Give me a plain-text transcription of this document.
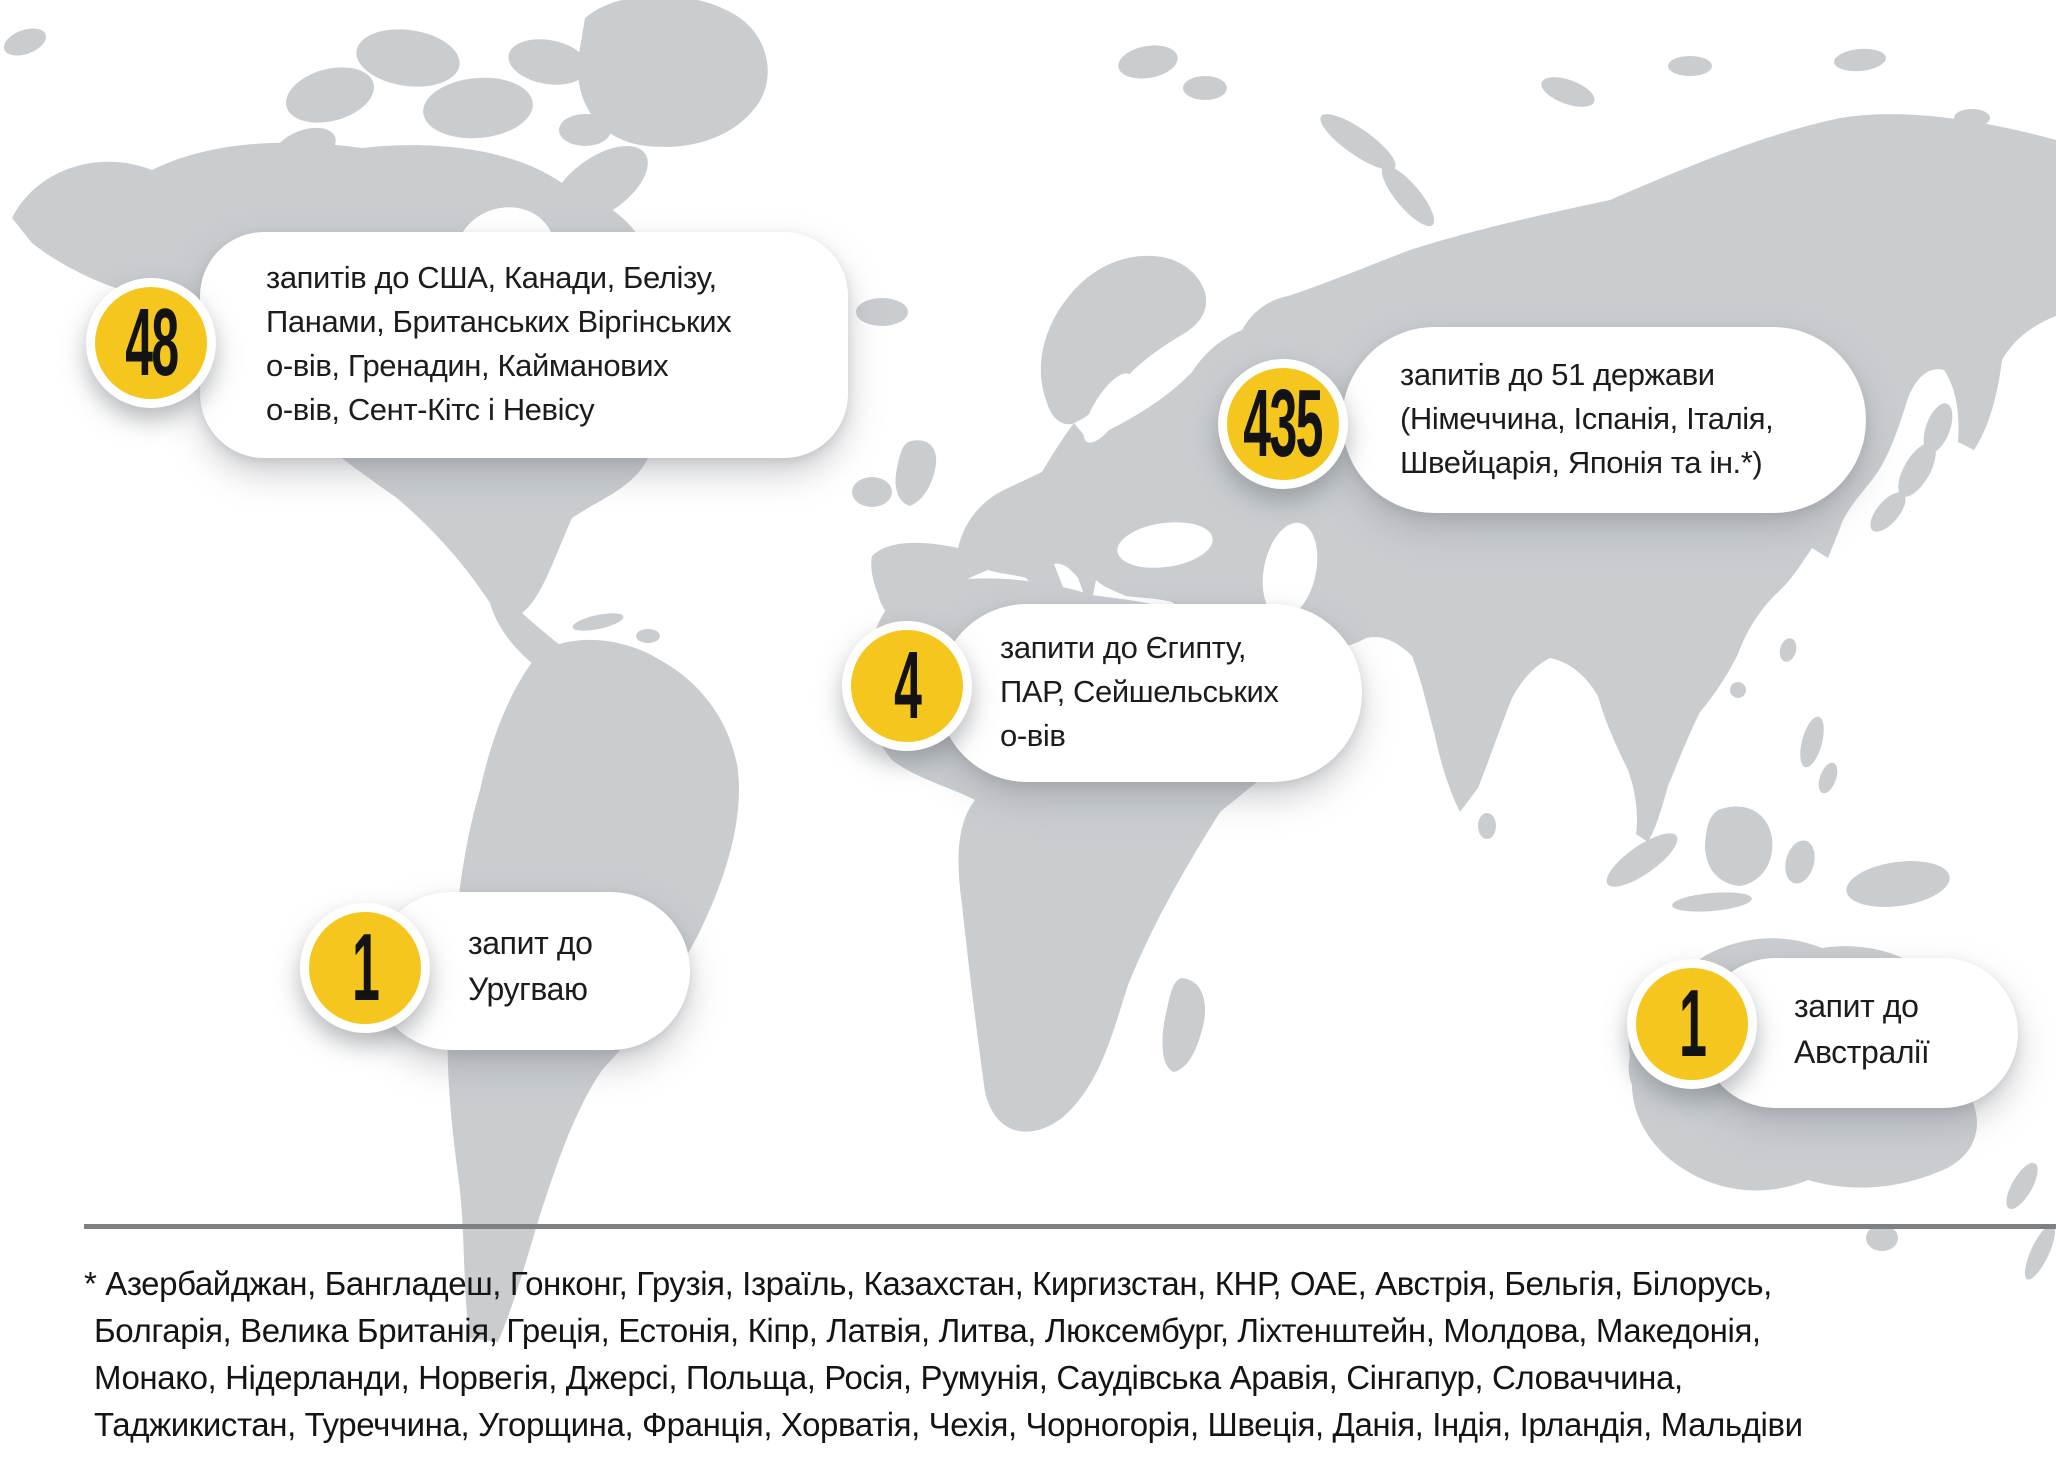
запитів до США, Канади, Белізу,
Панами, Британських Віргінських
о-вів, Гренадин, Кайманових
о-вів, Сент-Кітс і Невісу
48	запитів до 51 держави
(Німеччина, Іспанія, Італія,
Швейцарія, Японія та ін.*)
435
запити до Єгипту,
ПАР, Сейшельських
о-вів
4
запит до
Уругваю
1	запит до
Австралії
1
* Азербайджан, Бангладеш, Гонконг, Грузія, Ізраїль, Казахстан, Киргизстан, КНР, ОАЕ, Австрія, Бельгія, Білорусь,
Болгарія, Велика Британія, Греція, Естонія, Кіпр, Латвія, Литва, Люксембург, Ліхтенштейн, Молдова, Македонія,
Монако, Нідерланди, Норвегія, Джерсі, Польща, Росія, Румунія, Саудівська Аравія, Сінгапур, Словаччина,
Таджикистан, Туреччина, Угорщина, Франція, Хорватія, Чехія, Чорногорія, Швеція, Данія, Індія, Ірландія, Мальдіви
